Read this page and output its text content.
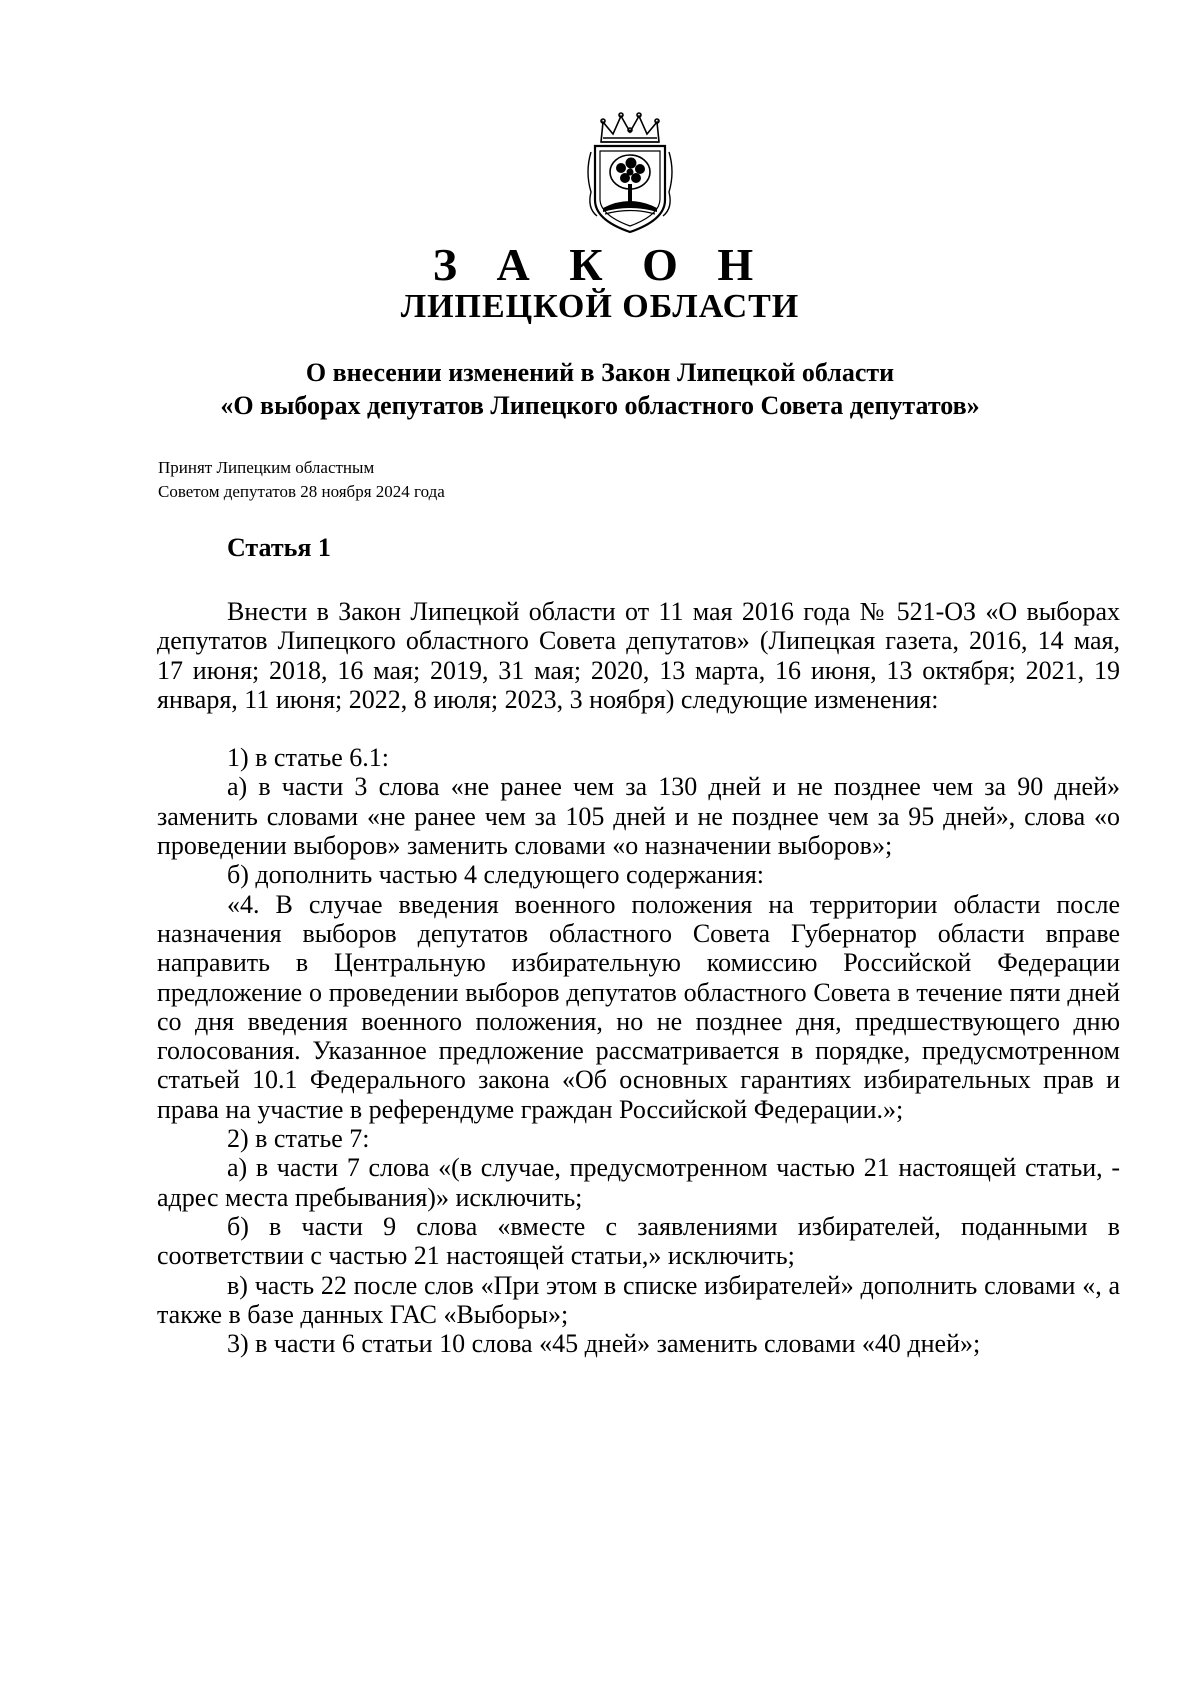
З А К О Н
ЛИПЕЦКОЙ ОБЛАСТИ
О внесении изменений в Закон Липецкой области
«О выборах депутатов Липецкого областного Совета депутатов»
Принят Липецким областным
Советом депутатов 28 ноября 2024 года
Статья 1

Внести в Закон Липецкой области от 11 мая 2016 года № 521-ОЗ «О выборах депутатов Липецкого областного Совета депутатов» (Липецкая газета, 2016, 14 мая, 17 июня; 2018, 16 мая; 2019, 31 мая; 2020, 13 марта, 16 июня, 13 октября; 2021, 19 января, 11 июня; 2022, 8 июля; 2023, 3 ноября) следующие изменения:

1) в статье 6.1:

а) в части 3 слова «не ранее чем за 130 дней и не позднее чем за 90 дней» заменить словами «не ранее чем за 105 дней и не позднее чем за 95 дней», слова «о проведении выборов» заменить словами «о назначении выборов»;

б) дополнить частью 4 следующего содержания:

«4. В случае введения военного положения на территории области после назначения выборов депутатов областного Совета Губернатор области вправе направить в Центральную избирательную комиссию Российской Федерации предложение о проведении выборов депутатов областного Совета в течение пяти дней со дня введения военного положения, но не позднее дня, предшествующего дню голосования. Указанное предложение рассматривается в порядке, предусмотренном статьей 10.1 Федерального закона «Об основных гарантиях избирательных прав и права на участие в референдуме граждан Российской Федерации.»;

2) в статье 7:

а) в части 7 слова «(в случае, предусмотренном частью 21 настоящей статьи, - адрес места пребывания)» исключить;

б) в части 9 слова «вместе с заявлениями избирателей, поданными в соответствии с частью 21 настоящей статьи,» исключить;

в) часть 22 после слов «При этом в списке избирателей» дополнить словами «, а также в базе данных ГАС «Выборы»;

3) в части 6 статьи 10 слова «45 дней» заменить словами «40 дней»;
